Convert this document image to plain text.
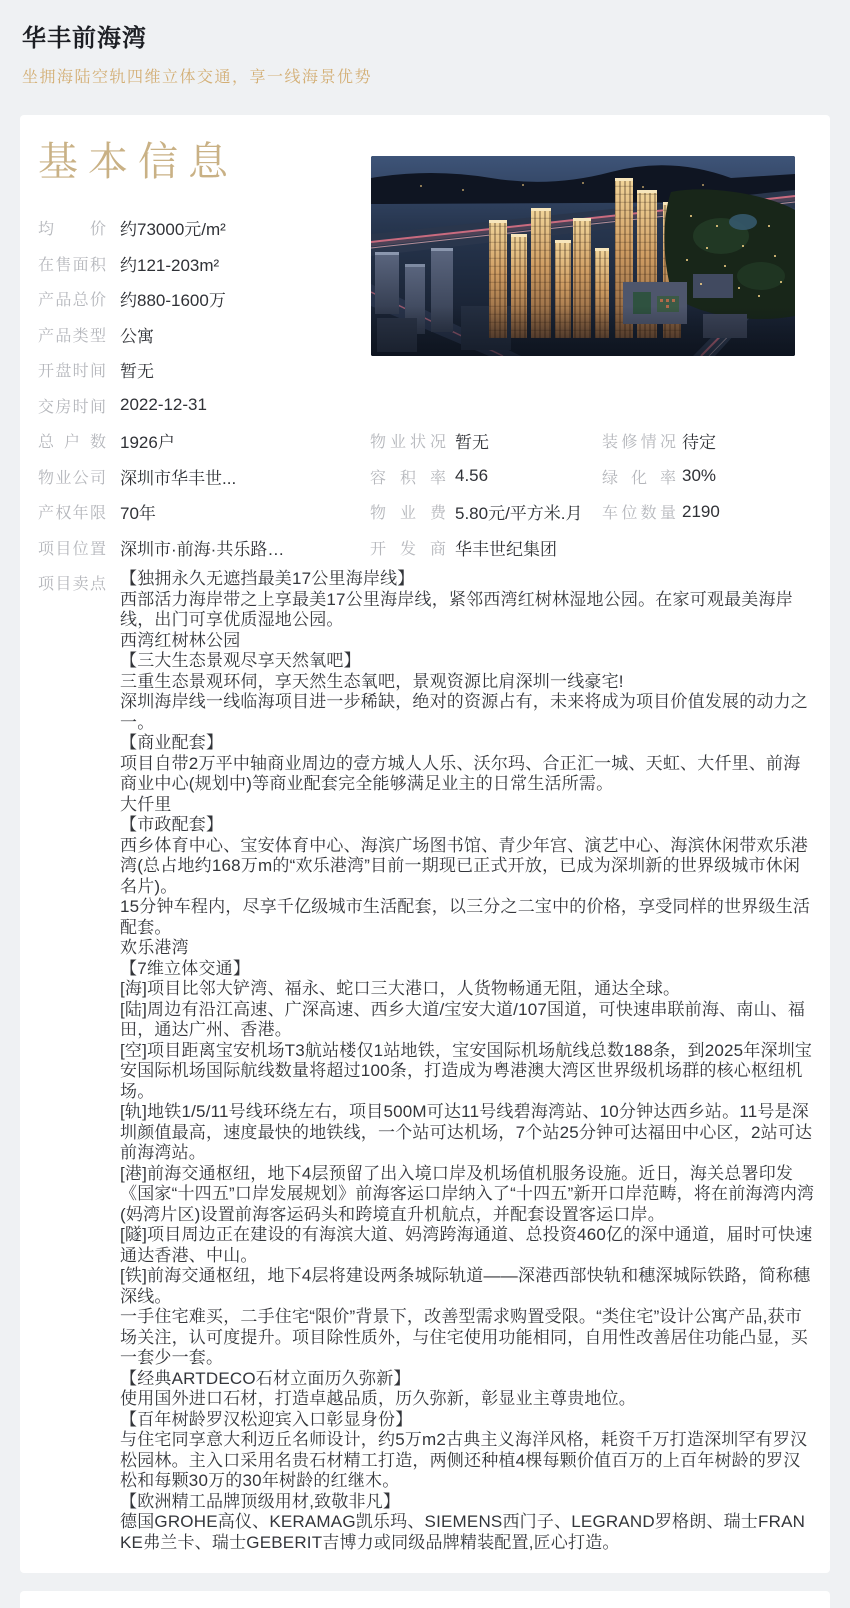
华丰前海湾

坐拥海陆空轨四维立体交通，享一线海景优势

基本信息
均价 约73000元/m²
在售面积 约121-203m²
产品总价 约880-1600万
产品类型 公寓
开盘时间 暂无
交房时间 2022-12-31
总户数 1926户	物业状况 暂无	装修情况 待定
物业公司 深圳市华丰世...	容积率 4.56	绿化率 30%
产权年限 70年	物业费 5.80元/平方米.月	车位数量 2190
项目位置 深圳市·前海·共乐路…	开发商 华丰世纪集团
项目卖点 【独拥永久无遮挡最美17公里海岸线】

西部活力海岸带之上享最美17公里海岸线，紧邻西湾红树林湿地公园。在家可观最美海岸线，出门可享优质湿地公园。

西湾红树林公园

【三大生态景观尽享天然氧吧】

三重生态景观环伺，享天然生态氧吧，景观资源比肩深圳一线豪宅!

深圳海岸线一线临海项目进一步稀缺，绝对的资源占有，未来将成为项目价值发展的动力之一。

【商业配套】

项目自带2万平中轴商业周边的壹方城人人乐、沃尔玛、合正汇一城、天虹、大仟里、前海商业中心(规划中)等商业配套完全能够满足业主的日常生活所需。

大仟里

【市政配套】

西乡体育中心、宝安体育中心、海滨广场图书馆、青少年宫、演艺中心、海滨休闲带欢乐港湾(总占地约168万m的“欢乐港湾”目前一期现已正式开放，已成为深圳新的世界级城市休闲名片)。

15分钟车程内，尽享千亿级城市生活配套，以三分之二宝中的价格，享受同样的世界级生活配套。

欢乐港湾

【7维立体交通】

[海]项目比邻大铲湾、福永、蛇口三大港口，人货物畅通无阻，通达全球。

[陆]周边有沿江高速、广深高速、西乡大道/宝安大道/107国道，可快速串联前海、南山、福田，通达广州、香港。

[空]项目距离宝安机场T3航站楼仅1站地铁，宝安国际机场航线总数188条，到2025年深圳宝安国际机场国际航线数量将超过100条，打造成为粤港澳大湾区世界级机场群的核心枢纽机场。

[轨]地铁1/5/11号线环绕左右，项目500M可达11号线碧海湾站、10分钟达西乡站。11号是深圳颜值最高，速度最快的地铁线，一个站可达机场，7个站25分钟可达福田中心区，2站可达前海湾站。

[港]前海交通枢纽，地下4层预留了出入境口岸及机场值机服务设施。近日，海关总署印发《国家“十四五”口岸发展规划》前海客运口岸纳入了“十四五”新开口岸范畴，将在前海湾内湾(妈湾片区)设置前海客运码头和跨境直升机航点，并配套设置客运口岸。

[隧]项目周边正在建设的有海滨大道、妈湾跨海通道、总投资460亿的深中通道，届时可快速通达香港、中山。

[铁]前海交通枢纽，地下4层将建设两条城际轨道——深港西部快轨和穗深城际铁路，简称穗深线。

一手住宅难买，二手住宅“限价”背景下，改善型需求购置受限。“类住宅”设计公寓产品,获市场关注，认可度提升。项目除性质外，与住宅使用功能相同，自用性改善居住功能凸显，买一套少一套。

【经典ARTDECO石材立面历久弥新】

使用国外进口石材，打造卓越品质，历久弥新，彰显业主尊贵地位。

【百年树龄罗汉松迎宾入口彰显身份】

与住宅同享意大利迈丘名师设计，约5万m2古典主义海洋风格，耗资千万打造深圳罕有罗汉松园林。主入口采用名贵石材精工打造，两侧还种植4棵每颗价值百万的上百年树龄的罗汉松和每颗30万的30年树龄的红继木。

【欧洲精工品牌顶级用材,致敬非凡】

德国GROHE高仪、KERAMAG凯乐玛、SIEMENS西门子、LEGRAND罗格朗、瑞士FRANKE弗兰卡、瑞士GEBERIT吉博力或同级品牌精装配置,匠心打造。
